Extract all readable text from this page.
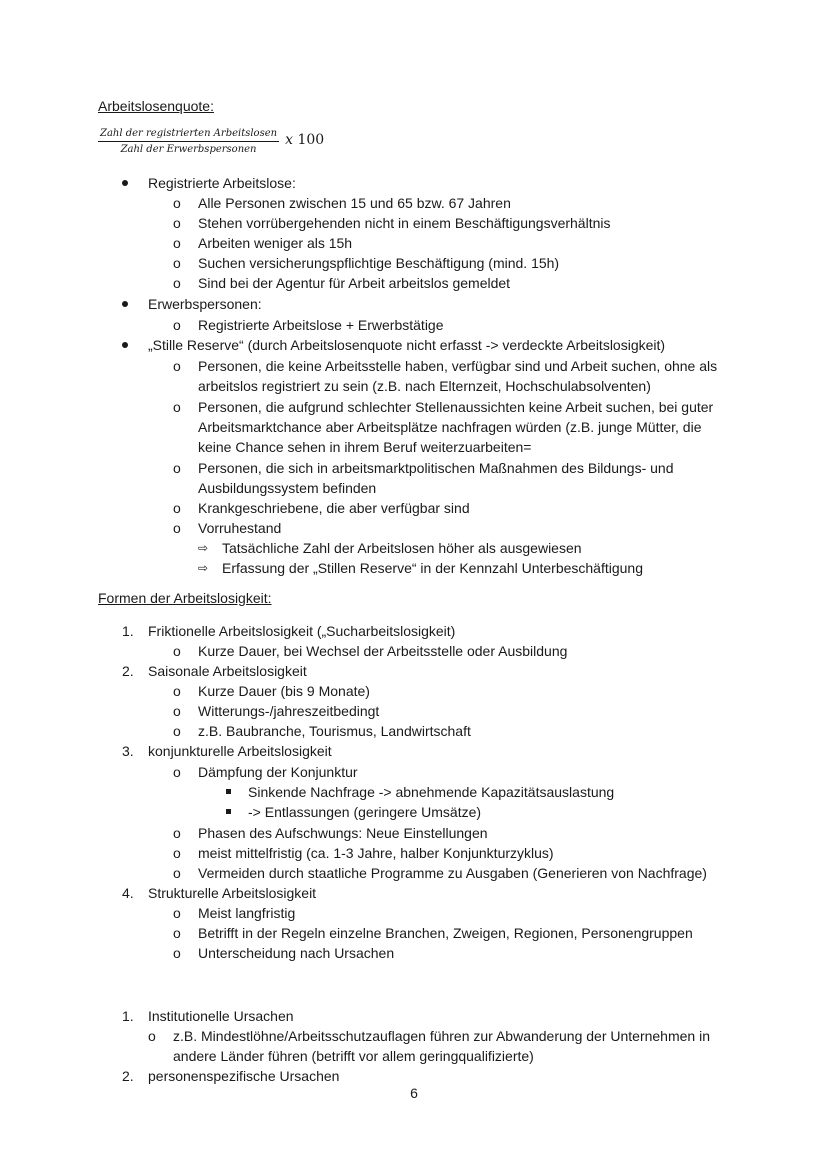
Arbeitslosenquote:
$\frac{\text{Zahl der registrierten Arbeitslosen}}{\text{Zahl der Erwerbspersonen}}$ x 100
Registrierte Arbeitslose:
o Alle Personen zwischen 15 und 65 bzw. 67 Jahren
o Stehen vorrübergehenden nicht in einem Beschäftigungsverhältnis
o Arbeiten weniger als 15h
o Suchen versicherungspflichtige Beschäftigung (mind. 15h)
o Sind bei der Agentur für Arbeit arbeitslos gemeldet
Erwerbspersonen:
o Registrierte Arbeitslose + Erwerbstätige
„Stille Reserve“ (durch Arbeitslosenquote nicht erfasst -> verdeckte Arbeitslosigkeit)
o Personen, die keine Arbeitsstelle haben, verfügbar sind und Arbeit suchen, ohne als
arbeitslos registriert zu sein (z.B. nach Elternzeit, Hochschulabsolventen)
o Personen, die aufgrund schlechter Stellenaussichten keine Arbeit suchen, bei guter
Arbeitsmarktchance aber Arbeitsplätze nachfragen würden (z.B. junge Mütter, die
keine Chance sehen in ihrem Beruf weiterzuarbeiten=
o Personen, die sich in arbeitsmarktpolitischen Maßnahmen des Bildungs- und
Ausbildungssystem befinden
o Krankgeschriebene, die aber verfügbar sind
o Vorruhestand
⇨ Tatsächliche Zahl der Arbeitslosen höher als ausgewiesen
⇨ Erfassung der „Stillen Reserve“ in der Kennzahl Unterbeschäftigung
Formen der Arbeitslosigkeit:
1. Friktionelle Arbeitslosigkeit („Sucharbeitslosigkeit)
o Kurze Dauer, bei Wechsel der Arbeitsstelle oder Ausbildung
2. Saisonale Arbeitslosigkeit
o Kurze Dauer (bis 9 Monate)
o Witterungs-/jahreszeitbedingt
o z.B. Baubranche, Tourismus, Landwirtschaft
3. konjunkturelle Arbeitslosigkeit
o Dämpfung der Konjunktur
Sinkende Nachfrage -> abnehmende Kapazitätsauslastung
-> Entlassungen (geringere Umsätze)
o Phasen des Aufschwungs: Neue Einstellungen
o meist mittelfristig (ca. 1-3 Jahre, halber Konjunkturzyklus)
o Vermeiden durch staatliche Programme zu Ausgaben (Generieren von Nachfrage)
4. Strukturelle Arbeitslosigkeit
o Meist langfristig
o Betrifft in der Regeln einzelne Branchen, Zweigen, Regionen, Personengruppen
o Unterscheidung nach Ursachen
1. Institutionelle Ursachen
o z.B. Mindestlöhne/Arbeitsschutzauflagen führen zur Abwanderung der Unternehmen in
andere Länder führen (betrifft vor allem geringqualifizierte)
2. personenspezifische Ursachen
6
